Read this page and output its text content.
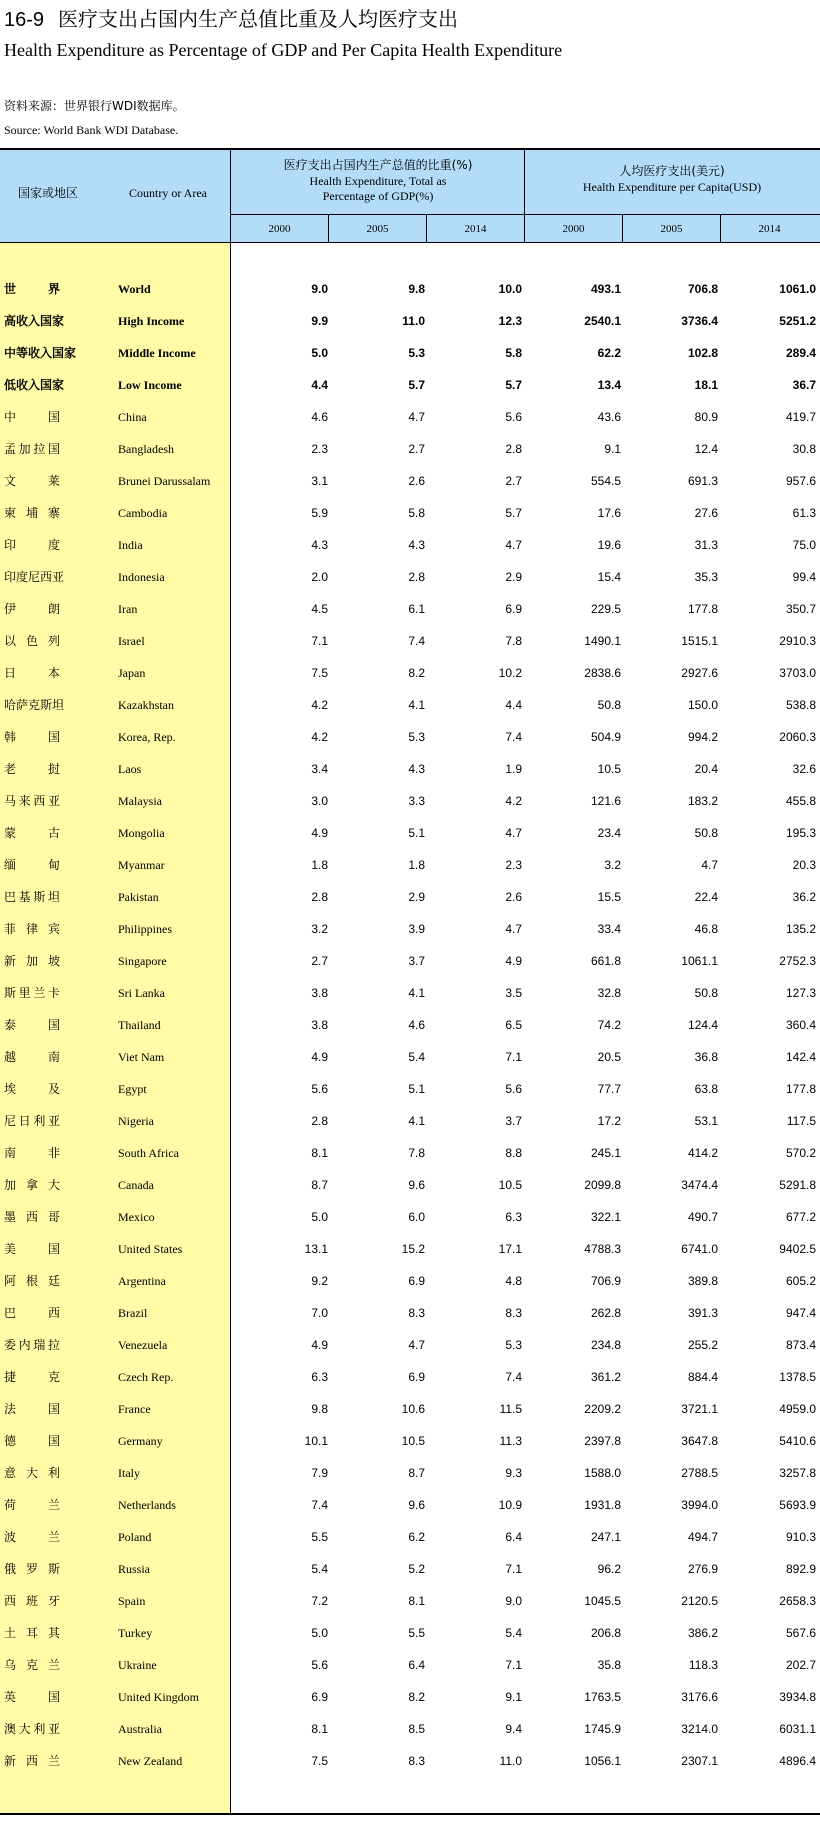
16-9 医疗支出占国内生产总值比重及人均医疗支出
Health Expenditure as Percentage of GDP and Per Capita Health Expenditure
资料来源：世界银行WDI数据库。
Source: World Bank WDI Database.
国家或地区	Country or Area
医疗支出占国内生产总值的比重(%)
Health Expenditure, Total as
Percentage of GDP(%)
人均医疗支出(美元)
Health Expenditure per Capita(USD)
2000	2005	2014	2000	2005	2014
世界	World	9.0	9.8	10.0	493.1	706.8	1061.0
高收入国家	High Income	9.9	11.0	12.3	2540.1	3736.4	5251.2
中等收入国家	Middle Income	5.0	5.3	5.8	62.2	102.8	289.4
低收入国家	Low Income	4.4	5.7	5.7	13.4	18.1	36.7
中国	China	4.6	4.7	5.6	43.6	80.9	419.7
孟加拉国	Bangladesh	2.3	2.7	2.8	9.1	12.4	30.8
文莱	Brunei Darussalam	3.1	2.6	2.7	554.5	691.3	957.6
柬埔寨	Cambodia	5.9	5.8	5.7	17.6	27.6	61.3
印度	India	4.3	4.3	4.7	19.6	31.3	75.0
印度尼西亚	Indonesia	2.0	2.8	2.9	15.4	35.3	99.4
伊朗	Iran	4.5	6.1	6.9	229.5	177.8	350.7
以色列	Israel	7.1	7.4	7.8	1490.1	1515.1	2910.3
日本	Japan	7.5	8.2	10.2	2838.6	2927.6	3703.0
哈萨克斯坦	Kazakhstan	4.2	4.1	4.4	50.8	150.0	538.8
韩国	Korea, Rep.	4.2	5.3	7.4	504.9	994.2	2060.3
老挝	Laos	3.4	4.3	1.9	10.5	20.4	32.6
马来西亚	Malaysia	3.0	3.3	4.2	121.6	183.2	455.8
蒙古	Mongolia	4.9	5.1	4.7	23.4	50.8	195.3
缅甸	Myanmar	1.8	1.8	2.3	3.2	4.7	20.3
巴基斯坦	Pakistan	2.8	2.9	2.6	15.5	22.4	36.2
菲律宾	Philippines	3.2	3.9	4.7	33.4	46.8	135.2
新加坡	Singapore	2.7	3.7	4.9	661.8	1061.1	2752.3
斯里兰卡	Sri Lanka	3.8	4.1	3.5	32.8	50.8	127.3
泰国	Thailand	3.8	4.6	6.5	74.2	124.4	360.4
越南	Viet Nam	4.9	5.4	7.1	20.5	36.8	142.4
埃及	Egypt	5.6	5.1	5.6	77.7	63.8	177.8
尼日利亚	Nigeria	2.8	4.1	3.7	17.2	53.1	117.5
南非	South Africa	8.1	7.8	8.8	245.1	414.2	570.2
加拿大	Canada	8.7	9.6	10.5	2099.8	3474.4	5291.8
墨西哥	Mexico	5.0	6.0	6.3	322.1	490.7	677.2
美国	United States	13.1	15.2	17.1	4788.3	6741.0	9402.5
阿根廷	Argentina	9.2	6.9	4.8	706.9	389.8	605.2
巴西	Brazil	7.0	8.3	8.3	262.8	391.3	947.4
委内瑞拉	Venezuela	4.9	4.7	5.3	234.8	255.2	873.4
捷克	Czech Rep.	6.3	6.9	7.4	361.2	884.4	1378.5
法国	France	9.8	10.6	11.5	2209.2	3721.1	4959.0
德国	Germany	10.1	10.5	11.3	2397.8	3647.8	5410.6
意大利	Italy	7.9	8.7	9.3	1588.0	2788.5	3257.8
荷兰	Netherlands	7.4	9.6	10.9	1931.8	3994.0	5693.9
波兰	Poland	5.5	6.2	6.4	247.1	494.7	910.3
俄罗斯	Russia	5.4	5.2	7.1	96.2	276.9	892.9
西班牙	Spain	7.2	8.1	9.0	1045.5	2120.5	2658.3
土耳其	Turkey	5.0	5.5	5.4	206.8	386.2	567.6
乌克兰	Ukraine	5.6	6.4	7.1	35.8	118.3	202.7
英国	United Kingdom	6.9	8.2	9.1	1763.5	3176.6	3934.8
澳大利亚	Australia	8.1	8.5	9.4	1745.9	3214.0	6031.1
新西兰	New Zealand	7.5	8.3	11.0	1056.1	2307.1	4896.4
